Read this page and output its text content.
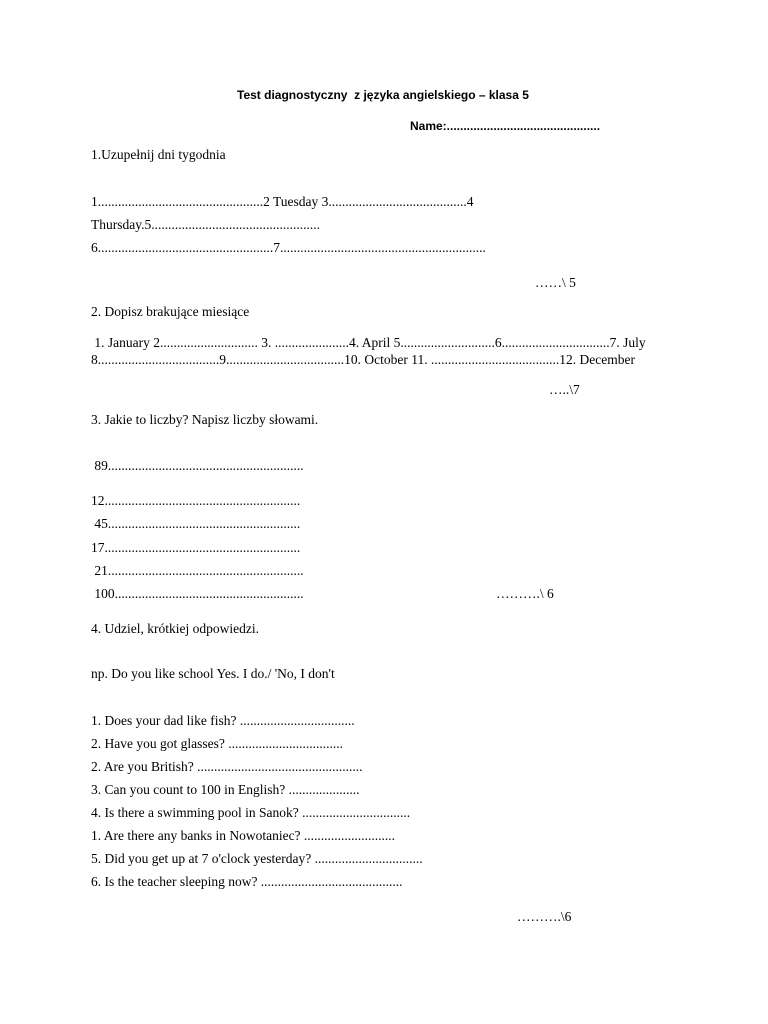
Test diagnostyczny  z języka angielskiego – klasa 5
Name:..............................................
1.Uzupełnij dni tygodnia
1.................................................2 Tuesday 3.........................................4
Thursday.5..................................................
6....................................................7.............................................................
……\ 5
2. Dopisz brakujące miesiące
1. January 2............................. 3. ......................4. April 5............................6................................7. July
8....................................9...................................10. October 11. ......................................12. December
…..\7
3. Jakie to liczby? Napisz liczby słowami.
89..........................................................
12..........................................................
45.........................................................
17..........................................................
21..........................................................
100........................................................	……….\ 6
4. Udziel, krótkiej odpowiedzi.
np. Do you like school Yes. I do./ 'No, I don't
1. Does your dad like fish? ..................................
2. Have you got glasses? ..................................
2. Are you British? .................................................
3. Can you count to 100 in English? .....................
4. Is there a swimming pool in Sanok? ................................
1. Are there any banks in Nowotaniec? ...........................
5. Did you get up at 7 o'clock yesterday? ................................
6. Is the teacher sleeping now? ..........................................
……….\6
